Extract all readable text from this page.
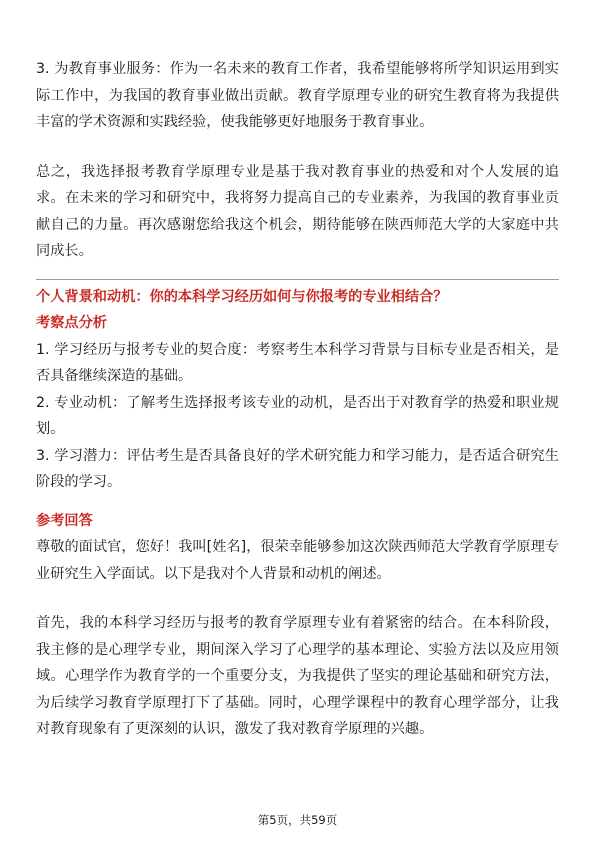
3. 为教育事业服务：作为一名未来的教育工作者，我希望能够将所学知识运用到实际工作中，为我国的教育事业做出贡献。教育学原理专业的研究生教育将为我提供丰富的学术资源和实践经验，使我能够更好地服务于教育事业。

总之，我选择报考教育学原理专业是基于我对教育事业的热爱和对个人发展的追求。在未来的学习和研究中，我将努力提高自己的专业素养，为我国的教育事业贡献自己的力量。再次感谢您给我这个机会，期待能够在陕西师范大学的大家庭中共同成长。

个人背景和动机：你的本科学习经历如何与你报考的专业相结合？

考察点分析

1. 学习经历与报考专业的契合度：考察考生本科学习背景与目标专业是否相关，是否具备继续深造的基础。

2. 专业动机：了解考生选择报考该专业的动机，是否出于对教育学的热爱和职业规划。

3. 学习潜力：评估考生是否具备良好的学术研究能力和学习能力，是否适合研究生阶段的学习。

参考回答

尊敬的面试官，您好！我叫[姓名]，很荣幸能够参加这次陕西师范大学教育学原理专业研究生入学面试。以下是我对个人背景和动机的阐述。

首先，我的本科学习经历与报考的教育学原理专业有着紧密的结合。在本科阶段，我主修的是心理学专业，期间深入学习了心理学的基本理论、实验方法以及应用领域。心理学作为教育学的一个重要分支，为我提供了坚实的理论基础和研究方法，为后续学习教育学原理打下了基础。同时，心理学课程中的教育心理学部分，让我对教育现象有了更深刻的认识，激发了我对教育学原理的兴趣。

第5页，共59页
